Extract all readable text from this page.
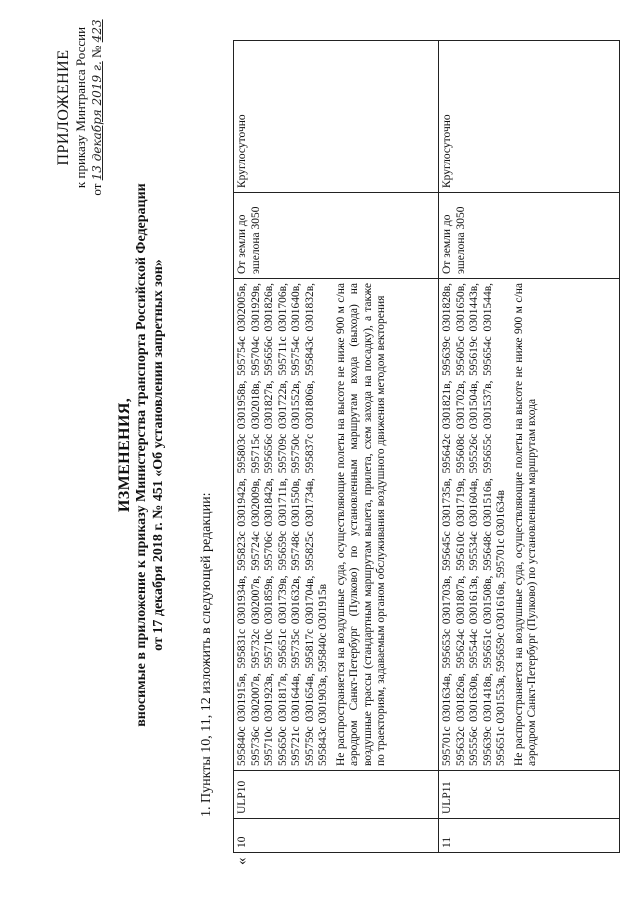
ПРИЛОЖЕНИЕ к приказу Минтранса России
от 13 декабря 2019 г. № 423
ИЗМЕНЕНИЯ, вносимые в приложение к приказу Министерства транспорта Российской Федерации от 17 декабря 2018 г. № 451 «Об установлении запретных зон»
1. Пункты 10, 11, 12 изложить в следующей редакции:
«
10	ULP10	595840с 0301915в, 595831с 0301934в, 595823с 0301942в, 595803с 0301958в, 595754с 0302005в, 595736с 0302007в, 595732с 0302007в, 595724с 0302009в, 595715с 0302018в, 595704с 0301929в, 595710с 0301923в, 595710с 0301859в, 595706с 0301842в, 595656с 0301827в, 595656с 0301826в, 595650с 0301817в, 595651с 0301739в, 595659с 0301711в, 595709с 0301722в, 595711с 0301706в, 595721с 0301644в, 595735с 0301632в, 595748с 0301550в, 595750с 0301552в, 595754с 0301640в, 595759с 0301654в, 595817с 0301704в, 595825с 0301734в, 595837с 0301806в, 595843с 0301832в, 595843с 0301903в, 595840с 0301915в Не распространяется на воздушные суда, осуществляющие полеты на высоте не ниже 900 м с/на аэродром Санкт-Петербург (Пулково) по установленным маршрутам входа (выхода) на воздушные трассы (стандартным маршрутам вылета, прилета, схем захода на посадку), а также по траекториям, задаваемым органом обслуживания воздушного движения методом векторения	От земли до эшелона 3050	Круглосуточно
11	ULP11	595701с 0301634в, 595653с 0301703в, 595645с 0301735в, 595642с 0301821в, 595639с 0301828в, 595632с 0301826в, 595624с 0301807в, 595610с 0301719в, 595608с 0301702в, 595605с 0301650в, 595556с 0301630в, 595544с 0301613в, 595534с 0301604в, 595526с 0301504в, 595619с 0301443в, 595639с 0301418в, 595651с 0301508в, 595648с 0301516в, 595655с 0301537в, 595654с 0301544в, 595651с 0301553в, 595659с 0301616в, 595701с 0301634в Не распространяется на воздушные суда, осуществляющие полеты на высоте не ниже 900 м с/на аэродром Санкт-Петербург (Пулково) по установленным маршрутам входа	От земли до эшелона 3050	Круглосуточно
